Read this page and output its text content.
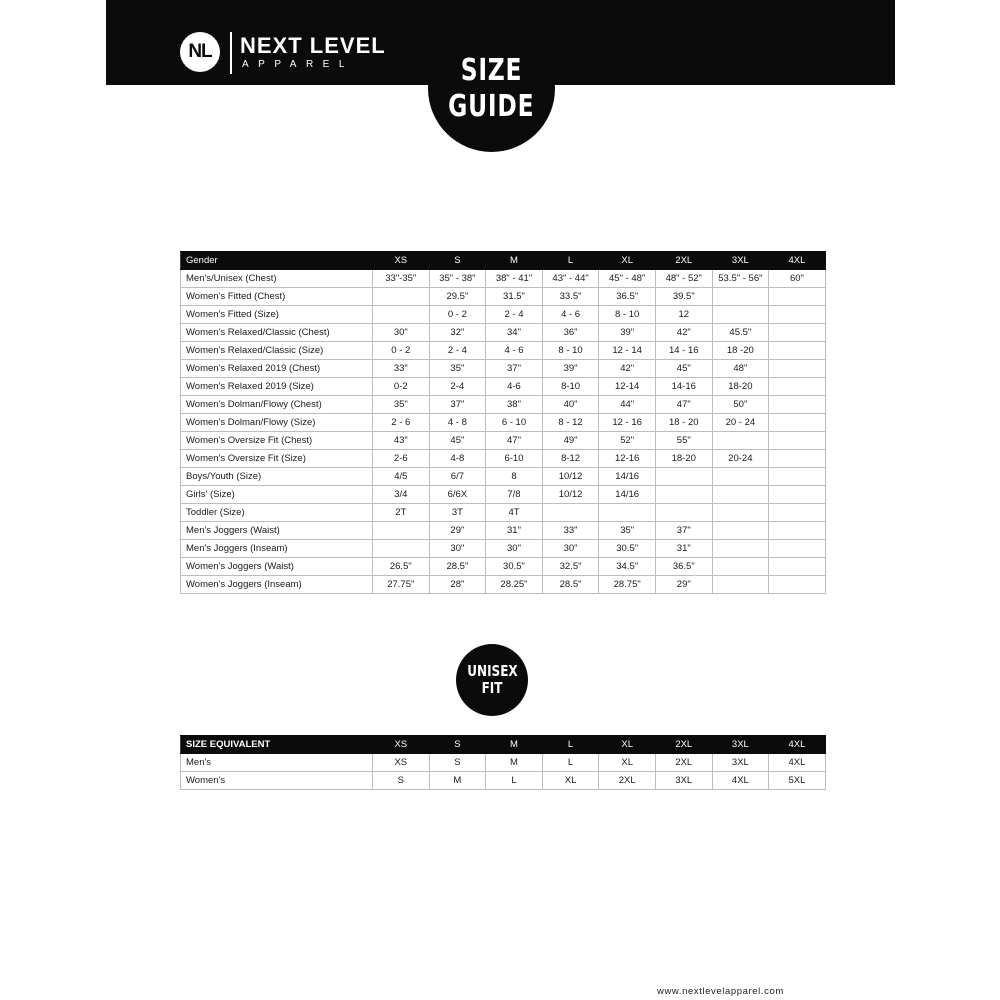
NL	NEXT LEVEL
APPAREL	SIZE
GUIDE
Gender	XS	S	M	L	XL	2XL	3XL	4XL
Men's/Unisex (Chest)	33"-35"	35" - 38"	38" - 41"	43" - 44"	45" - 48"	48" - 52"	53.5" - 56"	60"
Women's Fitted (Chest)		29.5"	31.5"	33.5"	36.5"	39.5"		
Women's Fitted (Size)		0 - 2	2 - 4	4 - 6	8 - 10	12		
Women's Relaxed/Classic (Chest)	30"	32"	34"	36"	39"	42"	45.5"	
Women's Relaxed/Classic (Size)	0 - 2	2 - 4	4 - 6	8 - 10	12 - 14	14 - 16	18 -20	
Women's Relaxed 2019 (Chest)	33"	35"	37"	39"	42"	45"	48"	
Women's Relaxed 2019 (Size)	0-2	2-4	4-6	8-10	12-14	14-16	18-20	
Women's Dolman/Flowy (Chest)	35"	37"	38"	40"	44"	47"	50"	
Women's Dolman/Flowy (Size)	2 - 6	4 - 8	6 - 10	8 - 12	12 - 16	18 - 20	20 - 24	
Women's Oversize Fit (Chest)	43"	45"	47"	49"	52"	55"		
Women's Oversize Fit (Size)	2-6	4-8	6-10	8-12	12-16	18-20	20-24	
Boys/Youth (Size)	4/5	6/7	8	10/12	14/16			
Girls' (Size)	3/4	6/6X	7/8	10/12	14/16			
Toddler (Size)	2T	3T	4T					
Men's Joggers (Waist)		29"	31"	33"	35"	37"		
Men's Joggers (Inseam)		30"	30"	30"	30.5"	31"		
Women's Joggers (Waist)	26.5"	28.5"	30.5"	32.5"	34.5"	36.5"		
Women's Joggers (Inseam)	27.75"	28"	28.25"	28.5"	28.75"	29"		
UNISEX
FIT
SIZE EQUIVALENT	XS	S	M	L	XL	2XL	3XL	4XL
Men's	XS	S	M	L	XL	2XL	3XL	4XL
Women's	S	M	L	XL	2XL	3XL	4XL	5XL
www.nextlevelapparel.com
